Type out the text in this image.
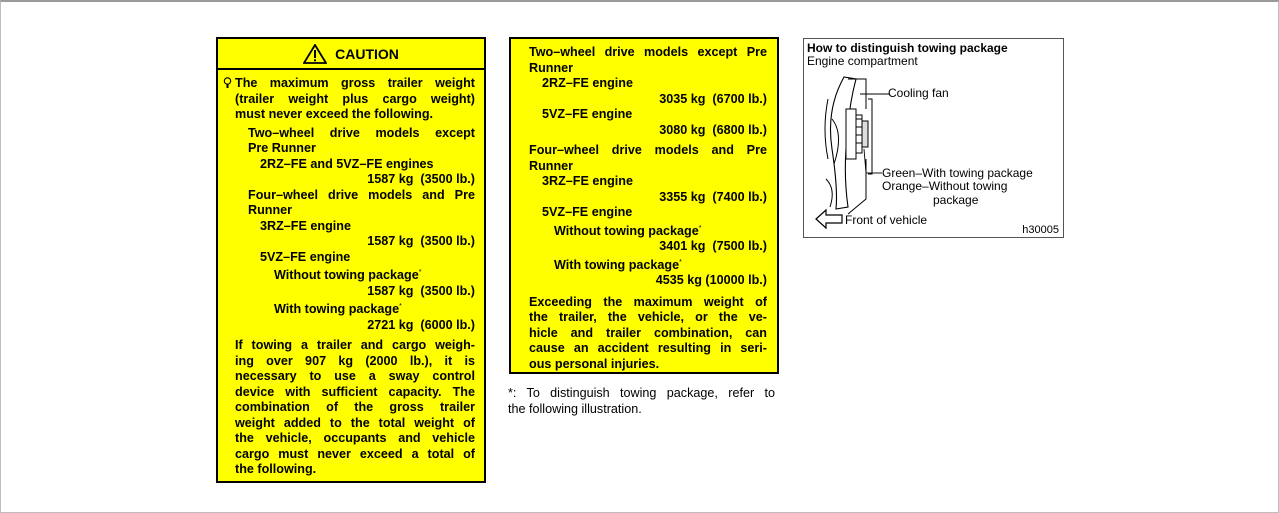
CAUTION
The maximum gross trailer weight
(trailer weight plus cargo weight)
must never exceed the following.
Two–wheel drive models except
Pre Runner
2RZ–FE and 5VZ–FE engines
1587 kg  (3500 lb.)
Four–wheel drive models and Pre
Runner
3RZ–FE engine
1587 kg  (3500 lb.)
5VZ–FE engine
Without towing package*
1587 kg  (3500 lb.)
With towing package*
2721 kg  (6000 lb.)
If towing a trailer and cargo weigh-
ing over 907 kg (2000 lb.), it is
necessary to use a sway control
device with sufficient capacity. The
combination of the gross trailer
weight added to the total weight of
the vehicle, occupants and vehicle
cargo must never exceed a total of
the following.
Two–wheel drive models except Pre
Runner
2RZ–FE engine
3035 kg  (6700 lb.)
5VZ–FE engine
3080 kg  (6800 lb.)
Four–wheel drive models and Pre
Runner
3RZ–FE engine
3355 kg  (7400 lb.)
5VZ–FE engine
Without towing package*
3401 kg  (7500 lb.)
With towing package*
4535 kg (10000 lb.)
Exceeding the maximum weight of
the trailer, the vehicle, or the ve-
hicle and trailer combination, can
cause an accident resulting in seri-
ous personal injuries.
*: To distinguish towing package, refer to
the following illustration.
How to distinguish towing package
Engine compartment
Cooling fan
Green–With towing package
Orange–Without towing
package
Front of vehicle
h30005
